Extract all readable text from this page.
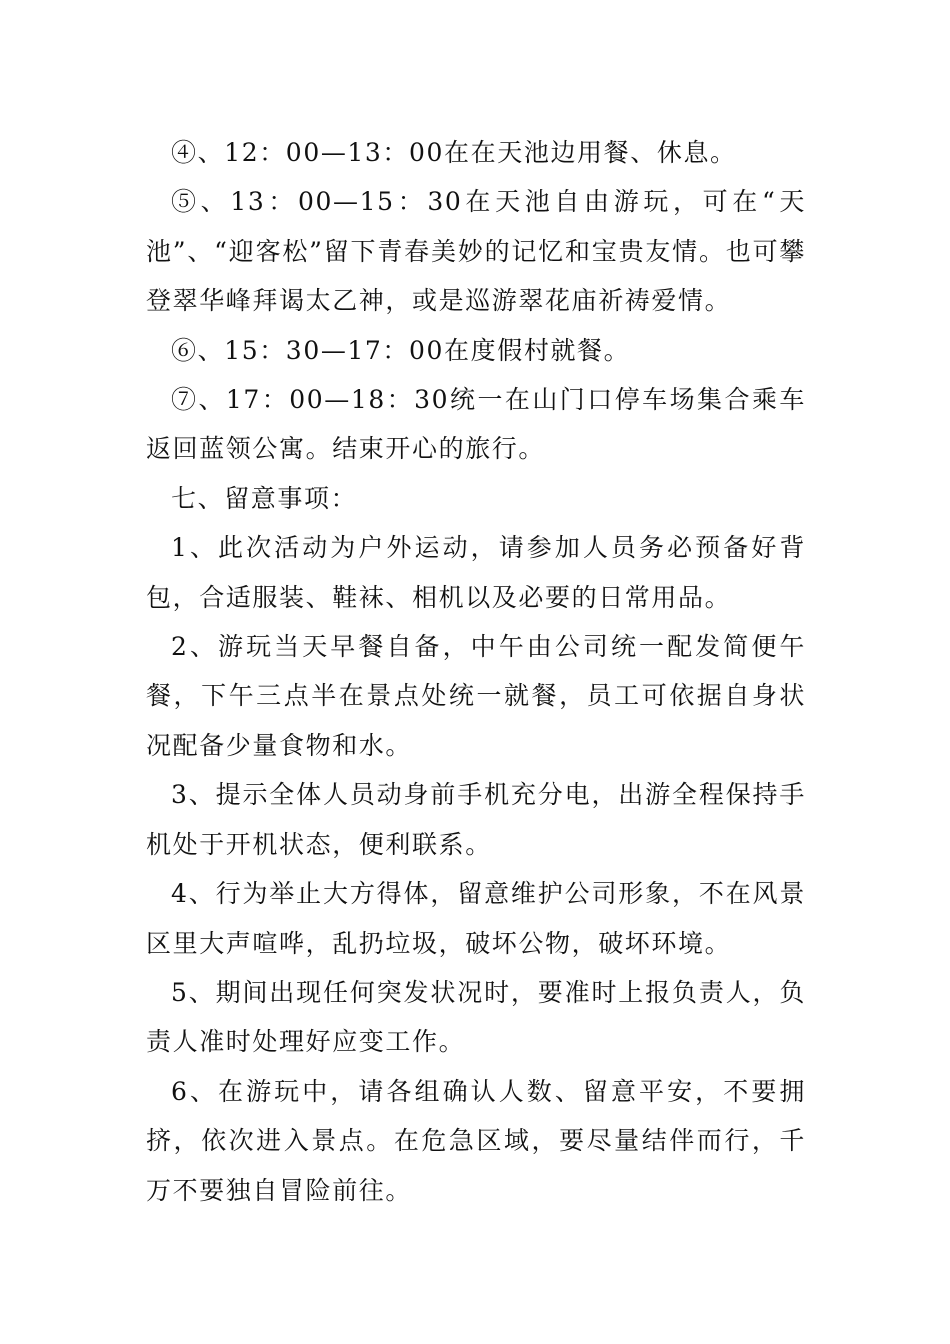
④、12：00—13：00在在天池边用餐、休息。

⑤、13：00—15：30在天池自由游玩，可在“天池”、“迎客松”留下青春美妙的记忆和宝贵友情。也可攀登翠华峰拜谒太乙神，或是巡游翠花庙祈祷爱情。

⑥、15：30—17：00在度假村就餐。

⑦、17：00—18：30统一在山门口停车场集合乘车返回蓝领公寓。结束开心的旅行。

七、留意事项：

1、此次活动为户外运动，请参加人员务必预备好背包，合适服装、鞋袜、相机以及必要的日常用品。

2、游玩当天早餐自备，中午由公司统一配发简便午餐，下午三点半在景点处统一就餐，员工可依据自身状况配备少量食物和水。

3、提示全体人员动身前手机充分电，出游全程保持手机处于开机状态，便利联系。

4、行为举止大方得体，留意维护公司形象，不在风景区里大声喧哗，乱扔垃圾，破坏公物，破坏环境。

5、期间出现任何突发状况时，要准时上报负责人，负责人准时处理好应变工作。

6、在游玩中，请各组确认人数、留意平安，不要拥挤，依次进入景点。在危急区域，要尽量结伴而行，千万不要独自冒险前往。
